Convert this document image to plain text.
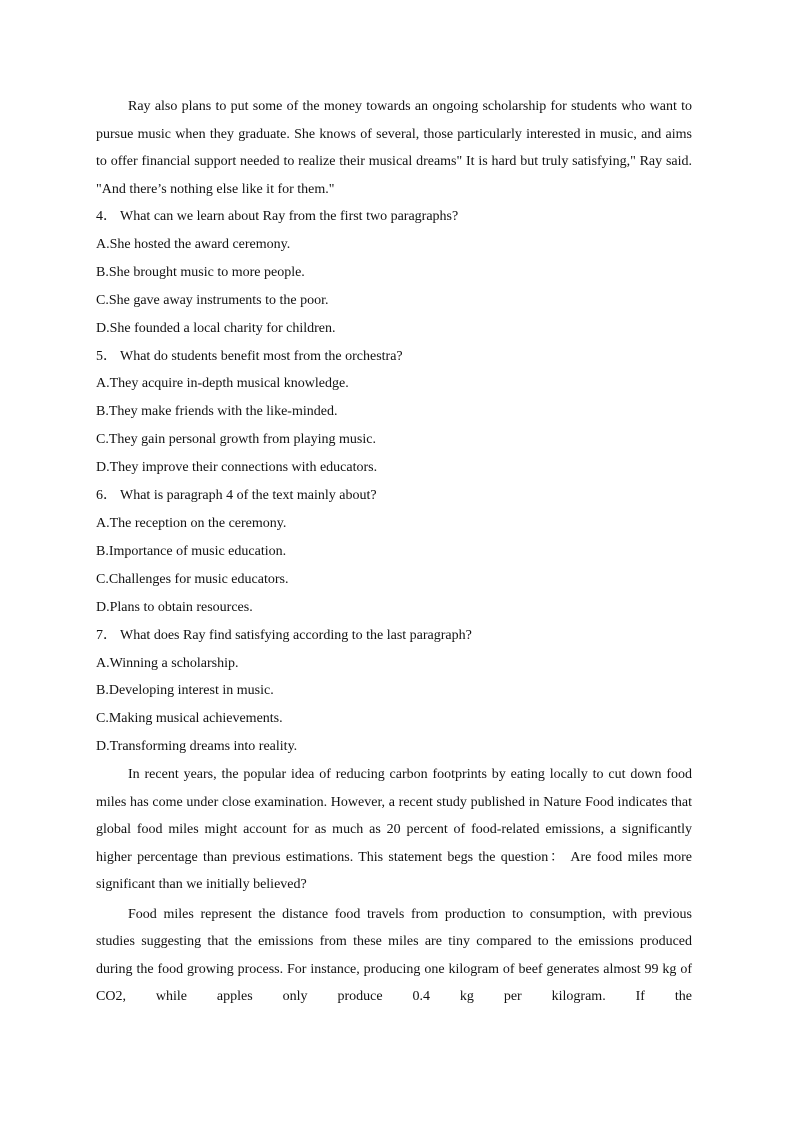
Ray also plans to put some of the money towards an ongoing scholarship for students who want to pursue music when they graduate. She knows of several, those particularly interested in music, and aims to offer financial support needed to realize their musical dreams" It is hard but truly satisfying," Ray said. "And there’s nothing else like it for them."

4． What can we learn about Ray from the first two paragraphs?

A.She hosted the award ceremony.

B.She brought music to more people.

C.She gave away instruments to the poor.

D.She founded a local charity for children.

5． What do students benefit most from the orchestra?

A.They acquire in-depth musical knowledge.

B.They make friends with the like-minded.

C.They gain personal growth from playing music.

D.They improve their connections with educators.

6． What is paragraph 4 of the text mainly about?

A.The reception on the ceremony.

B.Importance of music education.

C.Challenges for music educators.

D.Plans to obtain resources.

7． What does Ray find satisfying according to the last paragraph?

A.Winning a scholarship.

B.Developing interest in music.

C.Making musical achievements.

D.Transforming dreams into reality.

In recent years, the popular idea of reducing carbon footprints by eating locally to cut down food miles has come under close examination. However, a recent study published in Nature Food indicates that global food miles might account for as much as 20 percent of food-related emissions, a significantly higher percentage than previous estimations. This statement begs the question： Are food miles more significant than we initially believed?

Food miles represent the distance food travels from production to consumption, with previous studies suggesting that the emissions from these miles are tiny compared to the emissions produced during the food growing process. For instance, producing one kilogram of beef generates almost 99 kg of CO2, while apples only produce 0.4 kg per kilogram. If the
